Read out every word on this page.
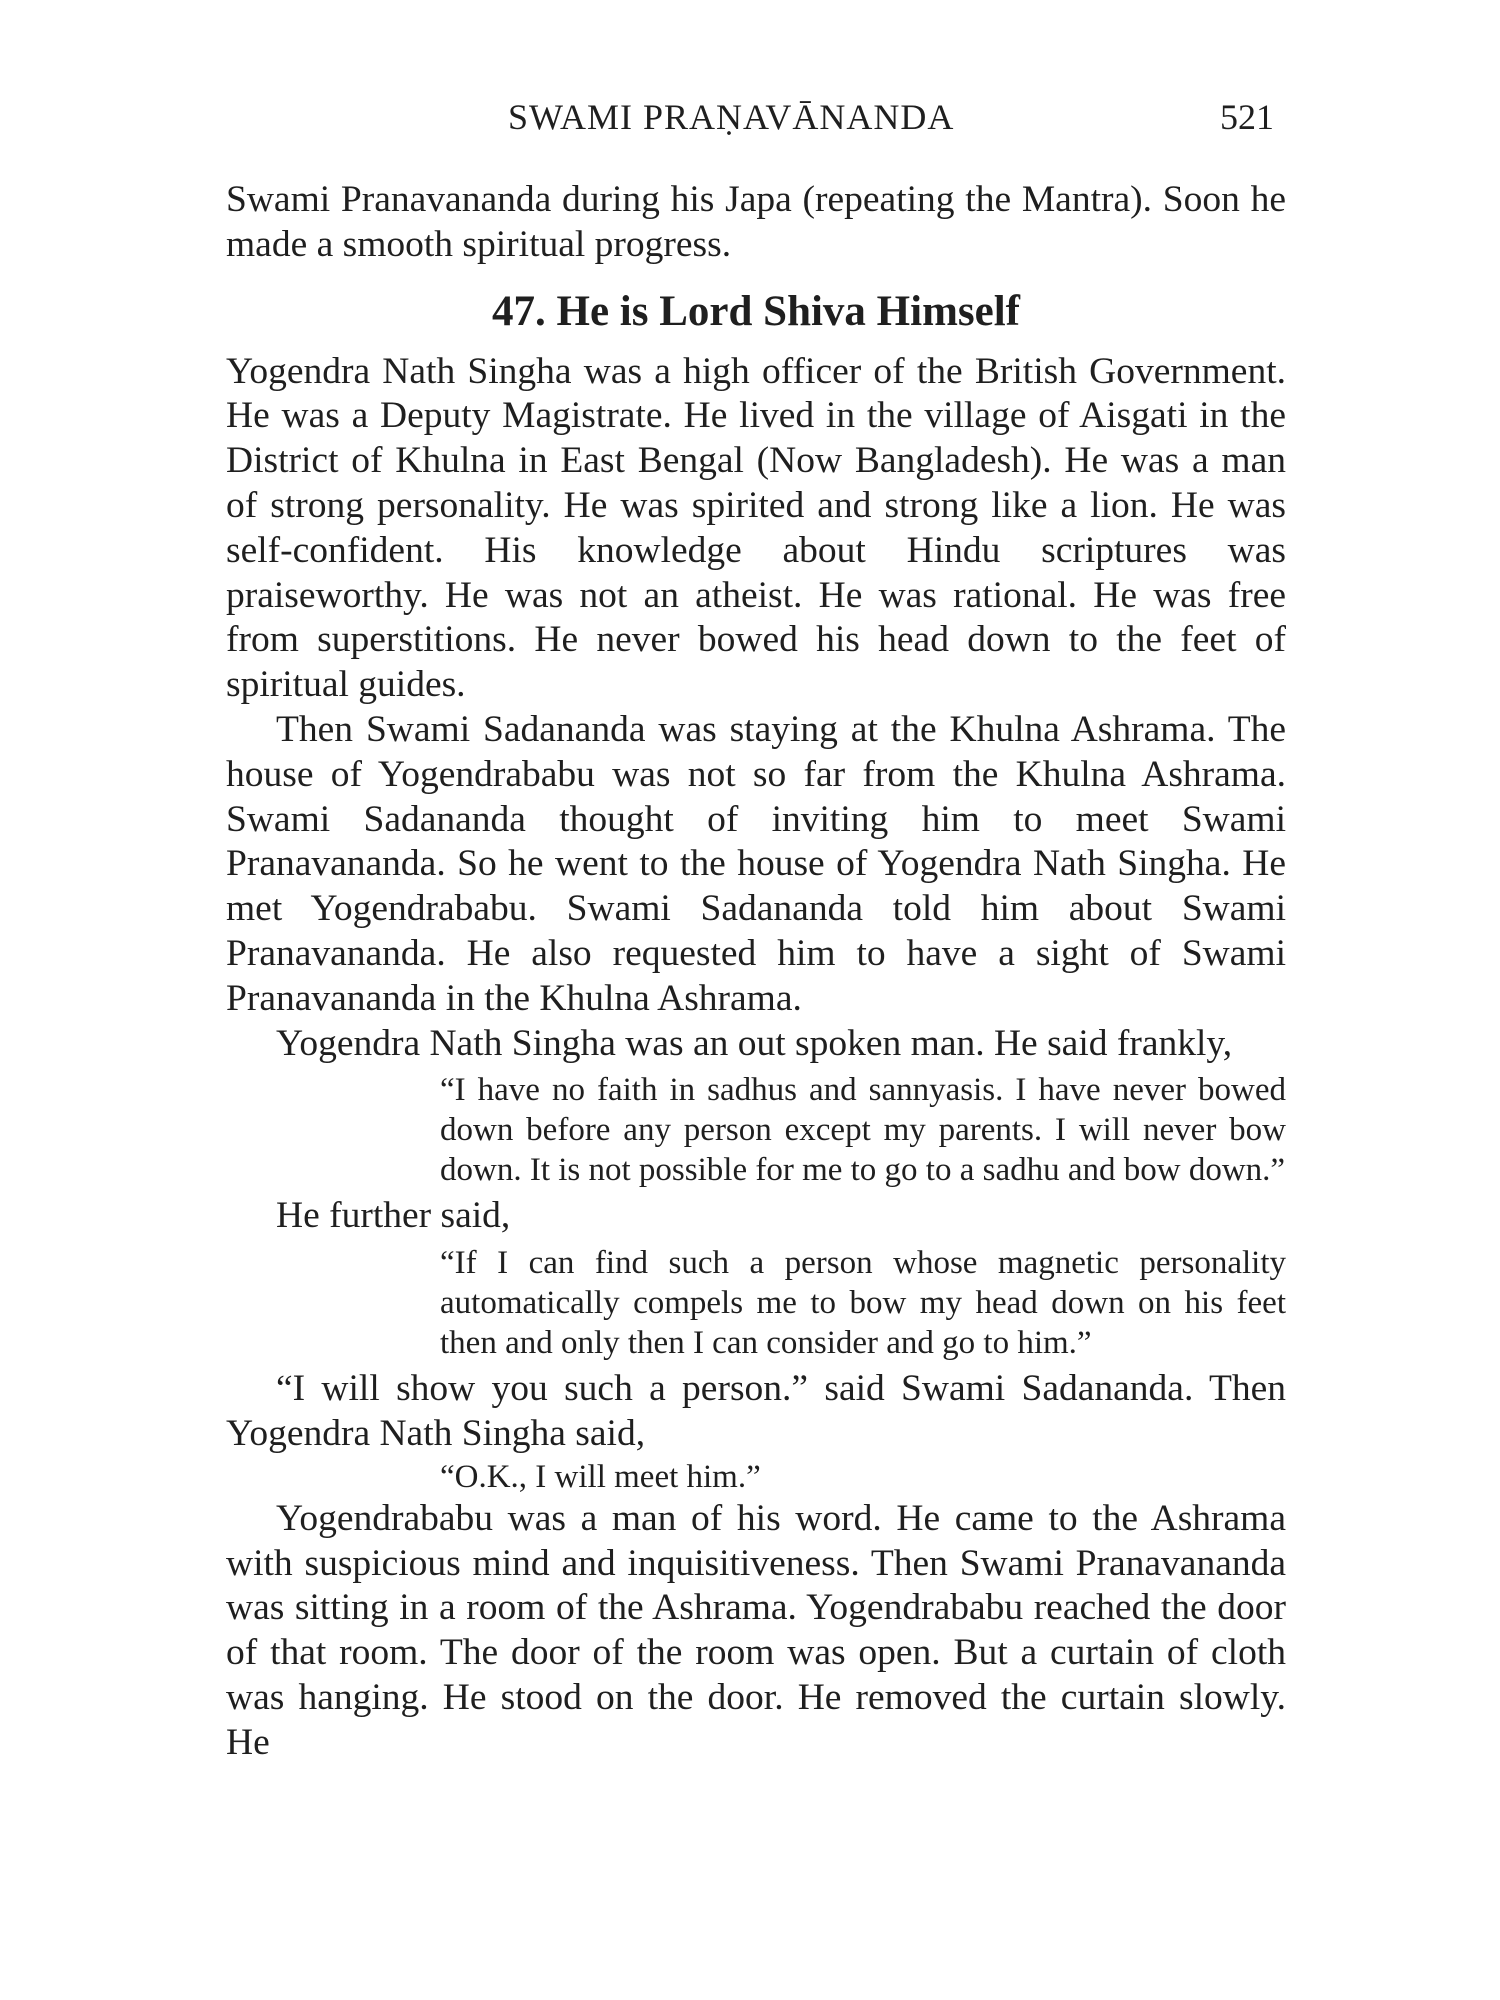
SWAMI PRAṆAVĀNANDA	521

Swami Pranavananda during his Japa (repeating the Mantra). Soon he made a smooth spiritual progress.

47. He is Lord Shiva Himself

Yogendra Nath Singha was a high officer of the British Government. He was a Deputy Magistrate. He lived in the village of Aisgati in the District of Khulna in East Bengal (Now Bangladesh). He was a man of strong personality. He was spirited and strong like a lion. He was self-confident. His knowledge about Hindu scriptures was praiseworthy. He was not an atheist. He was rational. He was free from superstitions. He never bowed his head down to the feet of spiritual guides.

Then Swami Sadananda was staying at the Khulna Ashrama. The house of Yogendrababu was not so far from the Khulna Ashrama. Swami Sadananda thought of inviting him to meet Swami Pranavananda. So he went to the house of Yogendra Nath Singha. He met Yogendrababu. Swami Sadananda told him about Swami Pranavananda. He also requested him to have a sight of Swami Pranavananda in the Khulna Ashrama.

Yogendra Nath Singha was an out spoken man. He said frankly,

“I have no faith in sadhus and sannyasis. I have never bowed down before any person except my parents. I will never bow down. It is not possible for me to go to a sadhu and bow down.”

He further said,

“If I can find such a person whose magnetic personality automatically compels me to bow my head down on his feet then and only then I can consider and go to him.”

“I will show you such a person.” said Swami Sadananda. Then Yogendra Nath Singha said,

“O.K., I will meet him.”

Yogendrababu was a man of his word. He came to the Ashrama with suspicious mind and inquisitiveness. Then Swami Pranavananda was sitting in a room of the Ashrama. Yogendrababu reached the door of that room. The door of the room was open. But a curtain of cloth was hanging. He stood on the door. He removed the curtain slowly. He
